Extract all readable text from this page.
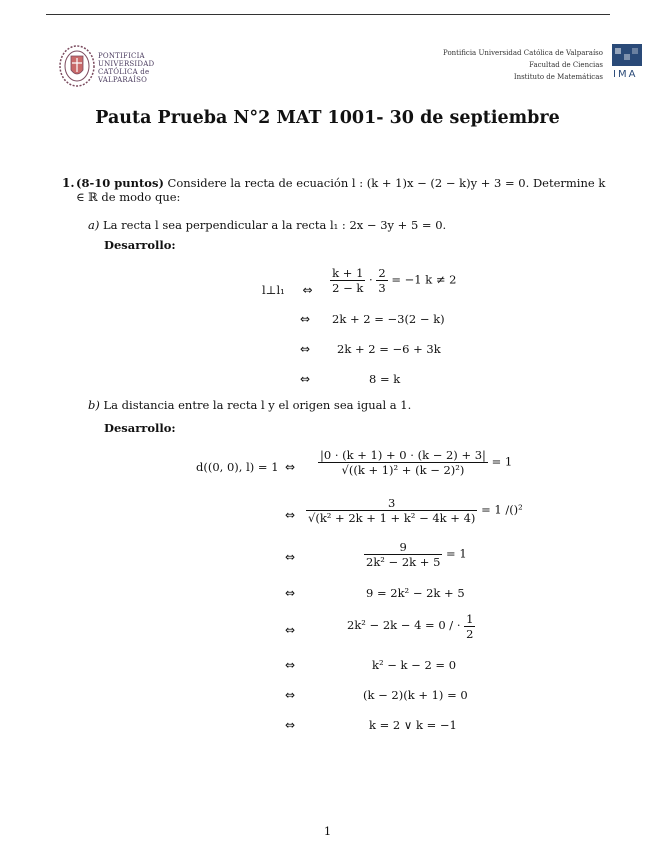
PONTIFICIA
UNIVERSIDAD
CATÓLICA de
VALPARAÍSO
Pontificia Universidad Católica de Valparaíso
Facultad de Ciencias
Instituto de Matemáticas IMA
Pauta Prueba N°2 MAT 1001- 30 de septiembre
1. (8-10 puntos) Considere la recta de ecuación l : (k + 1)x − (2 − k)y + 3 = 0. Determine k ∈ ℝ de modo que:
a) La recta l sea perpendicular a la recta l₁ : 2x − 3y + 5 = 0.
Desarrollo:
l⊥l₁ ⇔ $\frac{k + 1}{2 - k} \cdot \frac{2}{3} = -1$ k ≠ 2
⇔ 2k + 2 = −3(2 − k)
⇔ 2k + 2 = −6 + 3k
⇔	8 = k
b) La distancia entre la recta l y el origen sea igual a 1.
Desarrollo:
d((0, 0), l) = 1 ⇔ $\frac{|0 \cdot (k + 1) + 0 \cdot (k - 2) + 3|}{\text{√((k + 1)² + (k − 2)²)}} = 1$
⇔ $\frac{3}{\text{√(k² + 2k + 1 + k² − 4k + 4)}} = 1$ /()²
⇔	$\frac{9}{\text{2k² − 2k + 5}} = 1$
⇔	9 = 2k² − 2k + 5
⇔	2k² − 2k − 4 = 0 / · $\frac{1}{2}$
⇔	k² − k − 2 = 0
⇔	(k − 2)(k + 1) = 0
⇔	k = 2 ∨ k = −1
1
